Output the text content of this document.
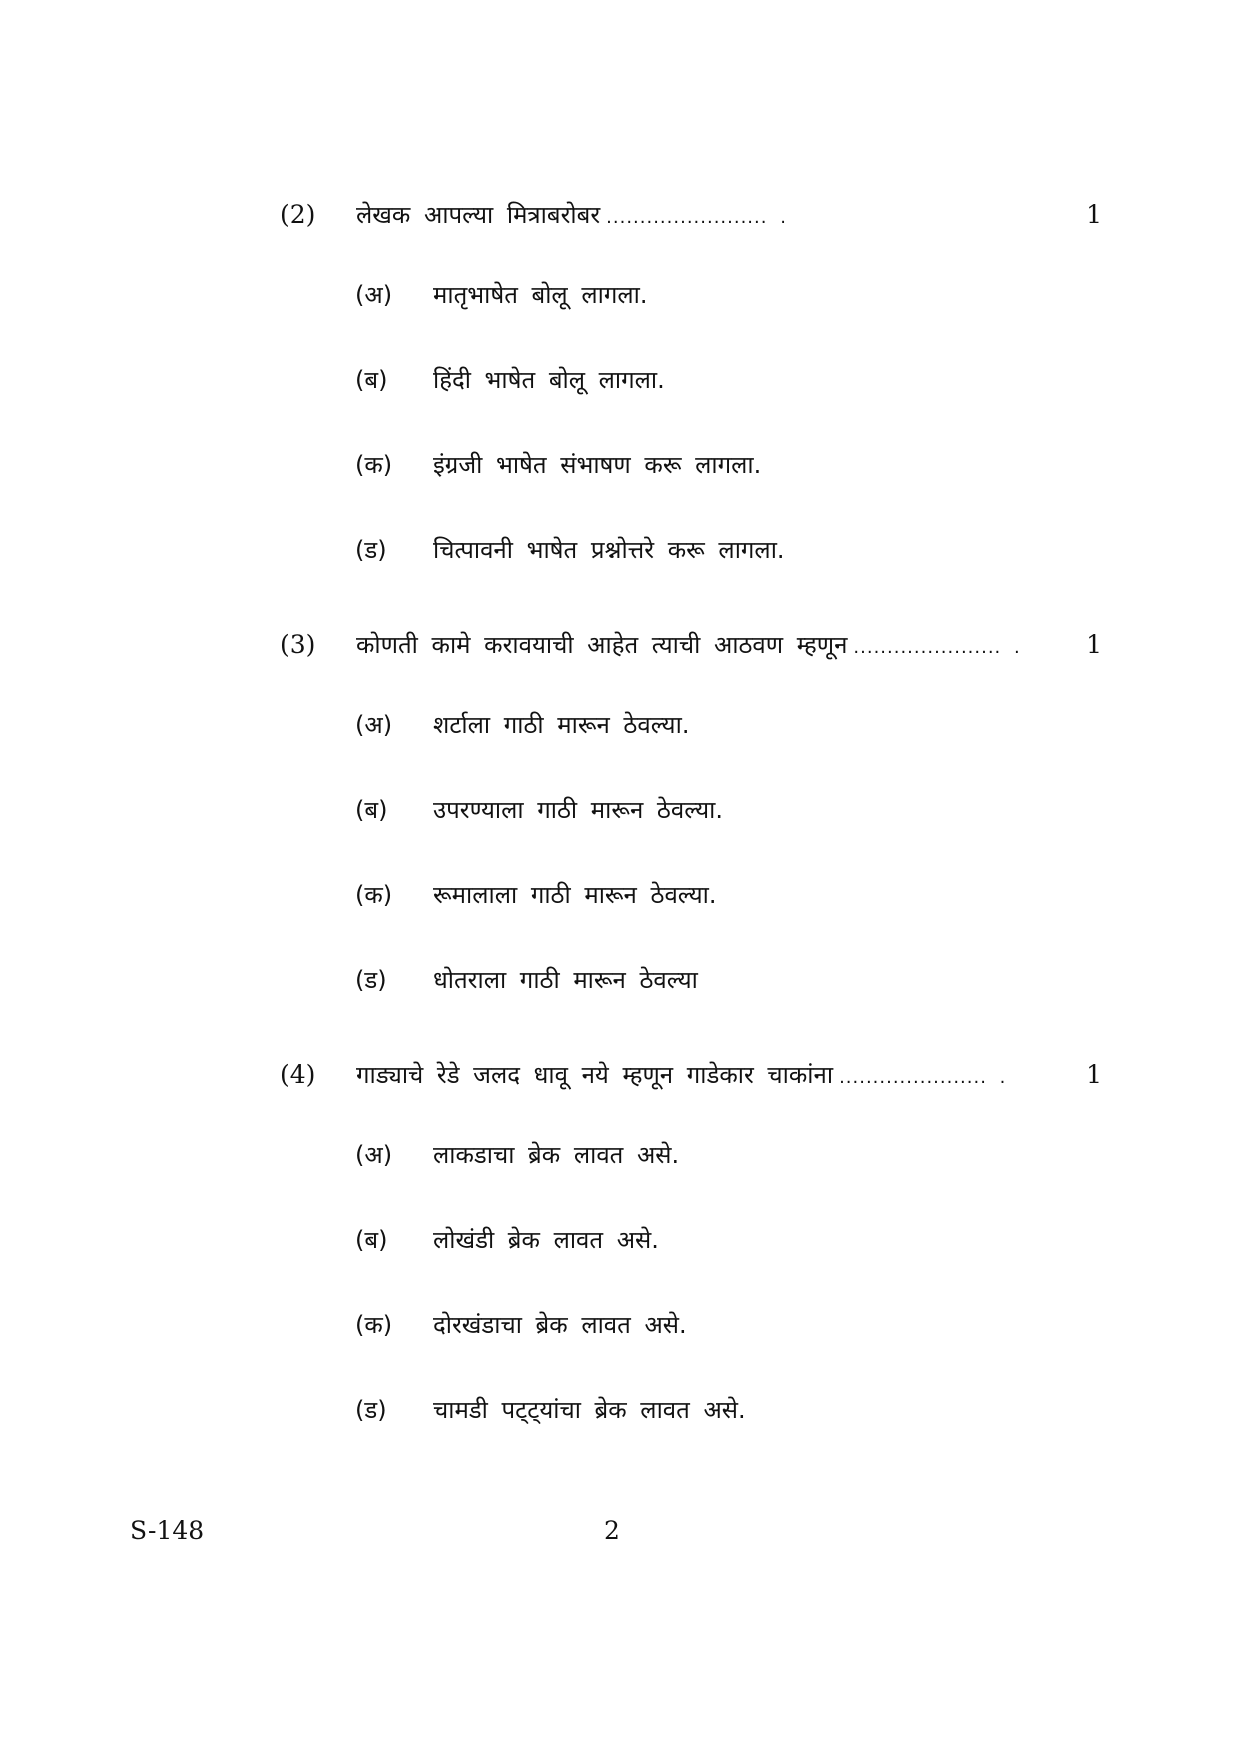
(2) लेखक आपल्या मित्राबरोबर ........................ .	1
(अ) मातृभाषेत बोलू लागला.
(ब) हिंदी भाषेत बोलू लागला.
(क) इंग्रजी भाषेत संभाषण करू लागला.
(ड) चित्पावनी भाषेत प्रश्नोत्तरे करू लागला.
(3) कोणती कामे करावयाची आहेत त्याची आठवण म्हणून ...................... .	1
(अ) शर्टाला गाठी मारून ठेवल्या.
(ब) उपरण्याला गाठी मारून ठेवल्या.
(क) रूमालाला गाठी मारून ठेवल्या.
(ड) धोतराला गाठी मारून ठेवल्या
(4) गाड्याचे रेडे जलद धावू नये म्हणून गाडेकार चाकांना ...................... .	1
(अ) लाकडाचा ब्रेक लावत असे.
(ब) लोखंडी ब्रेक लावत असे.
(क) दोरखंडाचा ब्रेक लावत असे.
(ड) चामडी पट्ट्यांचा ब्रेक लावत असे.
S-148	2
